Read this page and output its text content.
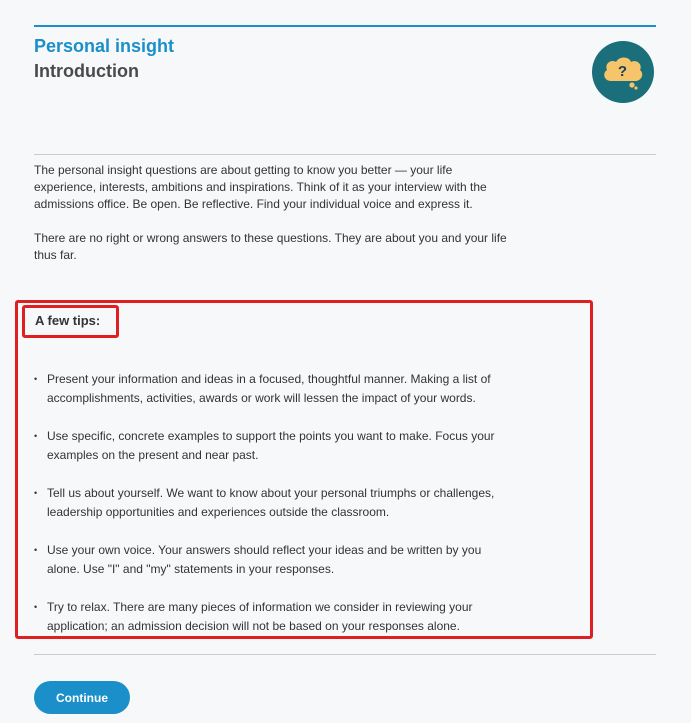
Personal insight
Introduction	?

The personal insight questions are about getting to know you better — your life experience, interests, ambitions and inspirations. Think of it as your interview with the admissions office. Be open. Be reflective. Find your individual voice and express it.

There are no right or wrong answers to these questions. They are about you and your life thus far.

A few tips:
• Present your information and ideas in a focused, thoughtful manner. Making a list of accomplishments, activities, awards or work will lessen the impact of your words.
• Use specific, concrete examples to support the points you want to make. Focus your examples on the present and near past.
• Tell us about yourself. We want to know about your personal triumphs or challenges, leadership opportunities and experiences outside the classroom.
• Use your own voice. Your answers should reflect your ideas and be written by you alone. Use "I" and "my" statements in your responses.
• Try to relax. There are many pieces of information we consider in reviewing your application; an admission decision will not be based on your responses alone.
Continue
